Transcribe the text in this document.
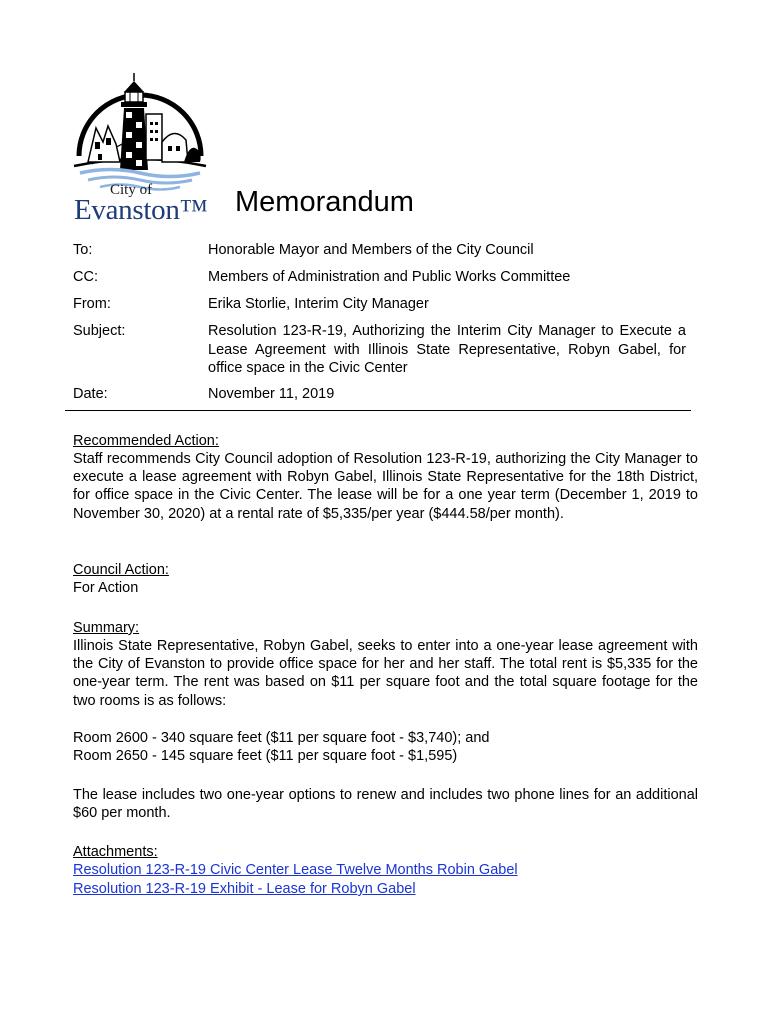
City of
Evanston™ Memorandum
To:	Honorable Mayor and Members of the City Council
CC:	Members of Administration and Public Works Committee
From:	Erika Storlie, Interim City Manager
Subject:	Resolution 123-R-19, Authorizing the Interim City Manager to Execute a Lease Agreement with Illinois State Representative, Robyn Gabel, for office space in the Civic Center
Date:	November 11, 2019
Recommended Action:
Staff recommends City Council adoption of Resolution 123-R-19, authorizing the City Manager to execute a lease agreement with Robyn Gabel, Illinois State Representative for the 18th District, for office space in the Civic Center. The lease will be for a one year term (December 1, 2019 to November 30, 2020) at a rental rate of $5,335/per year ($444.58/per month).
Council Action:
For Action
Summary:
Illinois State Representative, Robyn Gabel, seeks to enter into a one-year lease agreement with the City of Evanston to provide office space for her and her staff. The total rent is $5,335 for the one-year term. The rent was based on $11 per square foot and the total square footage for the two rooms is as follows:
Room 2600 - 340 square feet ($11 per square foot - $3,740); and
Room 2650 - 145 square feet ($11 per square foot - $1,595)
The lease includes two one-year options to renew and includes two phone lines for an additional $60 per month.
Attachments:
Resolution 123-R-19 Civic Center Lease Twelve Months Robin Gabel
Resolution 123-R-19 Exhibit - Lease for Robyn Gabel
